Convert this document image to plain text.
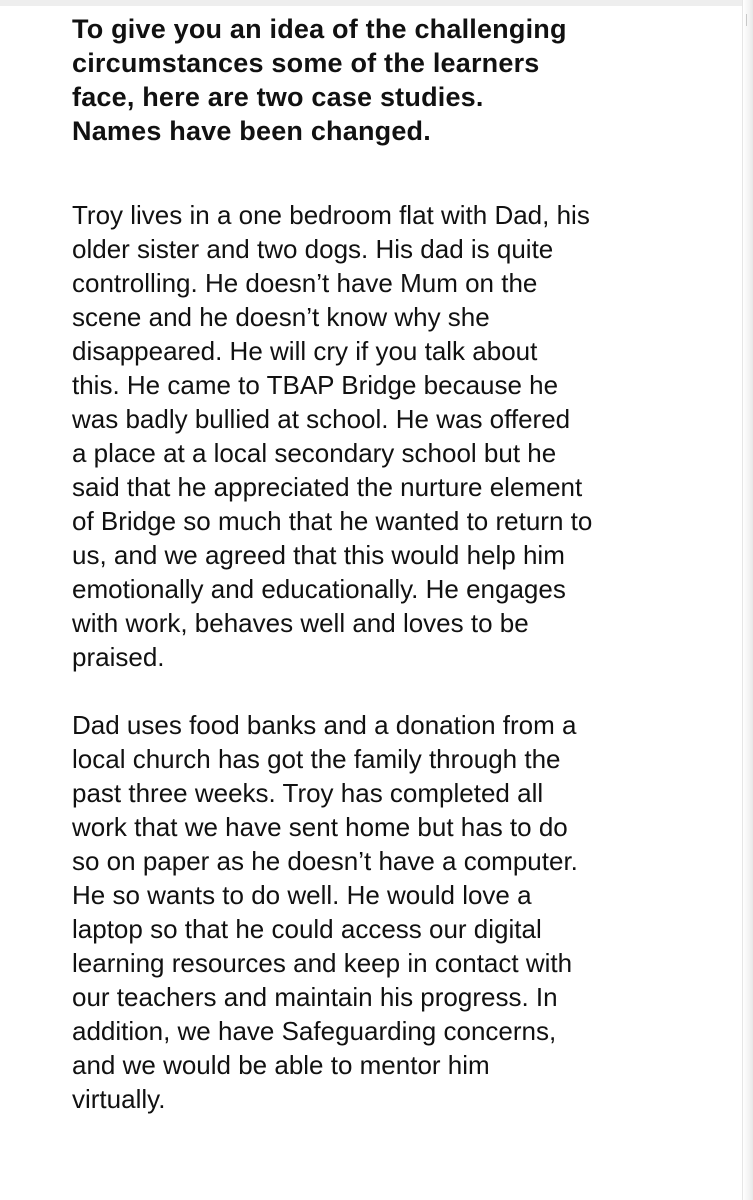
To give you an idea of the challenging
circumstances some of the learners
face, here are two case studies.
Names have been changed.

Troy lives in a one bedroom flat with Dad, his
older sister and two dogs. His dad is quite
controlling. He doesn’t have Mum on the
scene and he doesn’t know why she
disappeared. He will cry if you talk about
this. He came to TBAP Bridge because he
was badly bullied at school. He was offered
a place at a local secondary school but he
said that he appreciated the nurture element
of Bridge so much that he wanted to return to
us, and we agreed that this would help him
emotionally and educationally. He engages
with work, behaves well and loves to be
praised.

Dad uses food banks and a donation from a
local church has got the family through the
past three weeks. Troy has completed all
work that we have sent home but has to do
so on paper as he doesn’t have a computer.
He so wants to do well. He would love a
laptop so that he could access our digital
learning resources and keep in contact with
our teachers and maintain his progress. In
addition, we have Safeguarding concerns,
and we would be able to mentor him
virtually.
